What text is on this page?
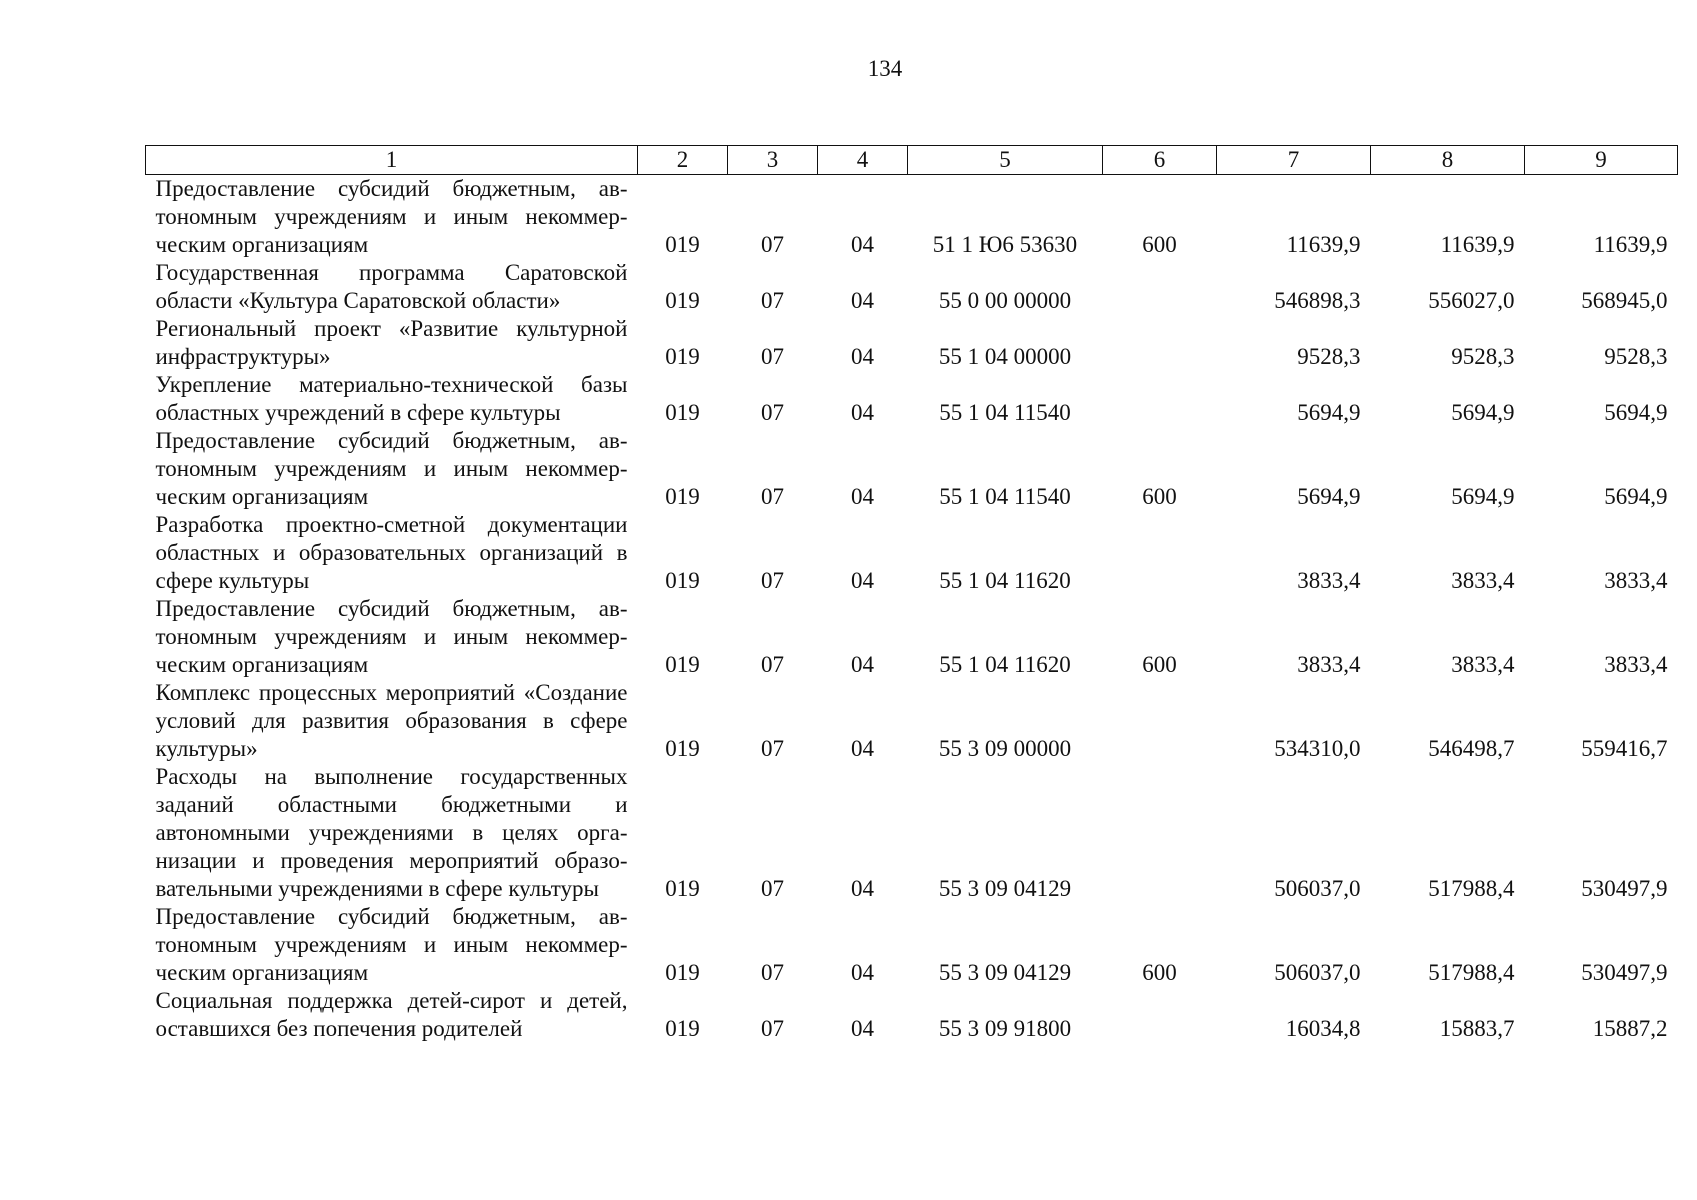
134
1	2	3	4	5	6	7	8	9
Предоставление субсидий бюджетным, автономным учреждениям и иным некоммерческим организациям	019	07	04	51 1 Ю6 53630	600	11639,9	11639,9	11639,9
Государственная программа Саратовской области «Культура Саратовской области»	019	07	04	55 0 00 00000		546898,3	556027,0	568945,0
Региональный проект «Развитие культурной инфраструктуры»	019	07	04	55 1 04 00000		9528,3	9528,3	9528,3
Укрепление материально-технической базы областных учреждений в сфере культуры	019	07	04	55 1 04 11540		5694,9	5694,9	5694,9
Предоставление субсидий бюджетным, автономным учреждениям и иным некоммерческим организациям	019	07	04	55 1 04 11540	600	5694,9	5694,9	5694,9
Разработка проектно-сметной документации областных и образовательных организаций в сфере культуры	019	07	04	55 1 04 11620		3833,4	3833,4	3833,4
Предоставление субсидий бюджетным, автономным учреждениям и иным некоммерческим организациям	019	07	04	55 1 04 11620	600	3833,4	3833,4	3833,4
Комплекс процессных мероприятий «Создание условий для развития образования в сфере культуры»	019	07	04	55 3 09 00000		534310,0	546498,7	559416,7
Расходы на выполнение государственных заданий областными бюджетными и автономными учреждениями в целях организации и проведения мероприятий образовательными учреждениями в сфере культуры	019	07	04	55 3 09 04129		506037,0	517988,4	530497,9
Предоставление субсидий бюджетным, автономным учреждениям и иным некоммерческим организациям	019	07	04	55 3 09 04129	600	506037,0	517988,4	530497,9
Социальная поддержка детей-сирот и детей, оставшихся без попечения родителей	019	07	04	55 3 09 91800		16034,8	15883,7	15887,2
